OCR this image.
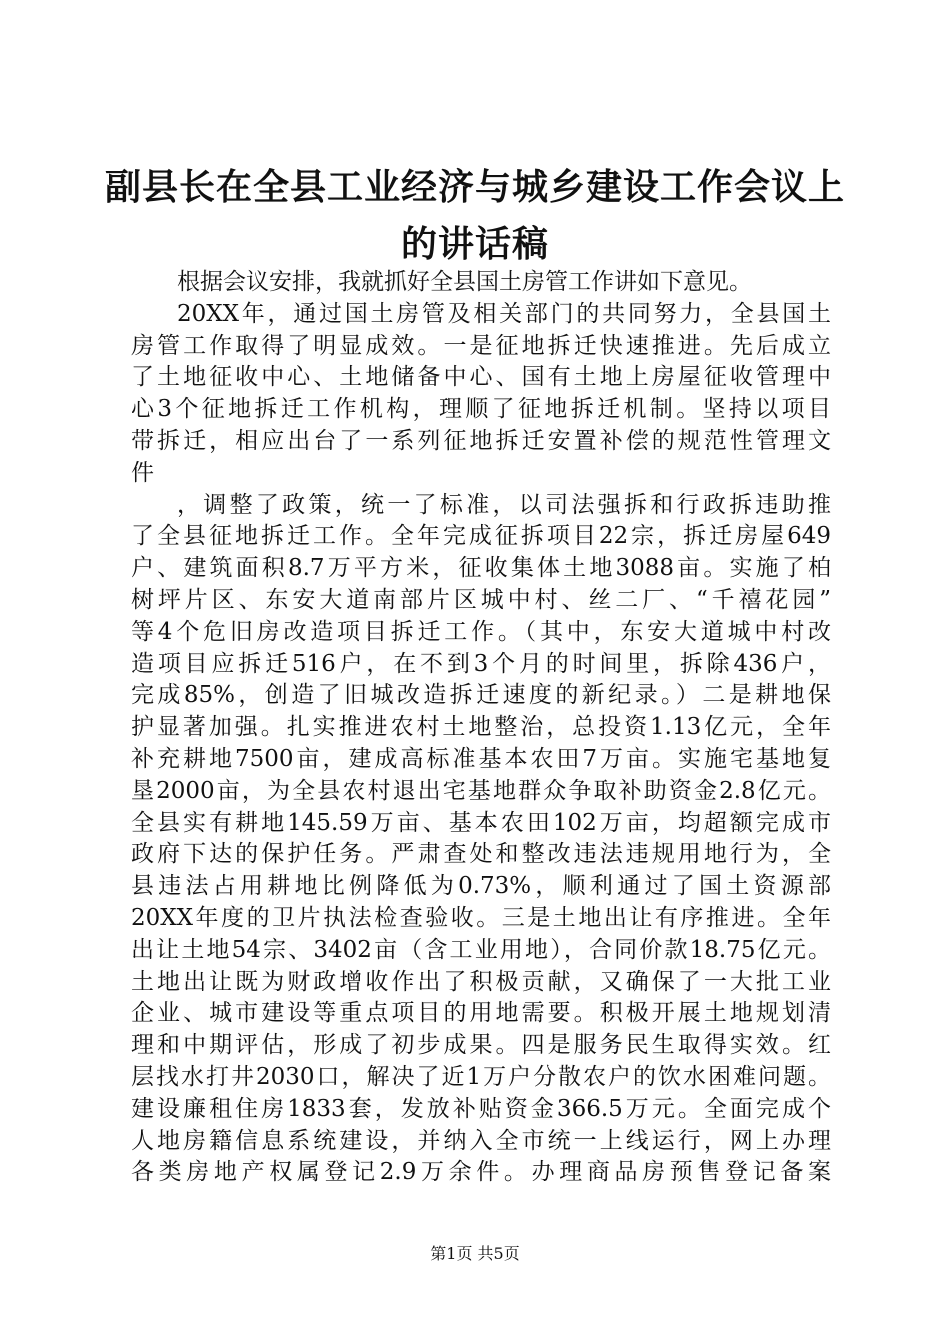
副县长在全县工业经济与城乡建设工作会议上
的讲话稿
根据会议安排，我就抓好全县国土房管工作讲如下意见。
20XX年，通过国土房管及相关部门的共同努力，全县国土
房管工作取得了明显成效。一是征地拆迁快速推进。先后成立
了土地征收中心、土地储备中心、国有土地上房屋征收管理中
心3个征地拆迁工作机构，理顺了征地拆迁机制。坚持以项目
带拆迁，相应出台了一系列征地拆迁安置补偿的规范性管理文
件
，调整了政策，统一了标准，以司法强拆和行政拆违助推
了全县征地拆迁工作。全年完成征拆项目22宗，拆迁房屋649
户、建筑面积8.7万平方米，征收集体土地3088亩。实施了柏
树坪片区、东安大道南部片区城中村、丝二厂、“千禧花园”
等4个危旧房改造项目拆迁工作。（其中，东安大道城中村改
造项目应拆迁516户，在不到3个月的时间里，拆除436户，
完成85%，创造了旧城改造拆迁速度的新纪录。）二是耕地保
护显著加强。扎实推进农村土地整治，总投资1.13亿元，全年
补充耕地7500亩，建成高标准基本农田7万亩。实施宅基地复
垦2000亩，为全县农村退出宅基地群众争取补助资金2.8亿元。
全县实有耕地145.59万亩、基本农田102万亩，均超额完成市
政府下达的保护任务。严肃查处和整改违法违规用地行为，全
县违法占用耕地比例降低为0.73%，顺利通过了国土资源部
20XX年度的卫片执法检查验收。三是土地出让有序推进。全年
出让土地54宗、3402亩（含工业用地），合同价款18.75亿元。
土地出让既为财政增收作出了积极贡献，又确保了一大批工业
企业、城市建设等重点项目的用地需要。积极开展土地规划清
理和中期评估，形成了初步成果。四是服务民生取得实效。红
层找水打井2030口，解决了近1万户分散农户的饮水困难问题。
建设廉租住房1833套，发放补贴资金366.5万元。全面完成个
人地房籍信息系统建设，并纳入全市统一上线运行，网上办理
各类房地产权属登记2.9万余件。办理商品房预售登记备案
第1页 共5页
